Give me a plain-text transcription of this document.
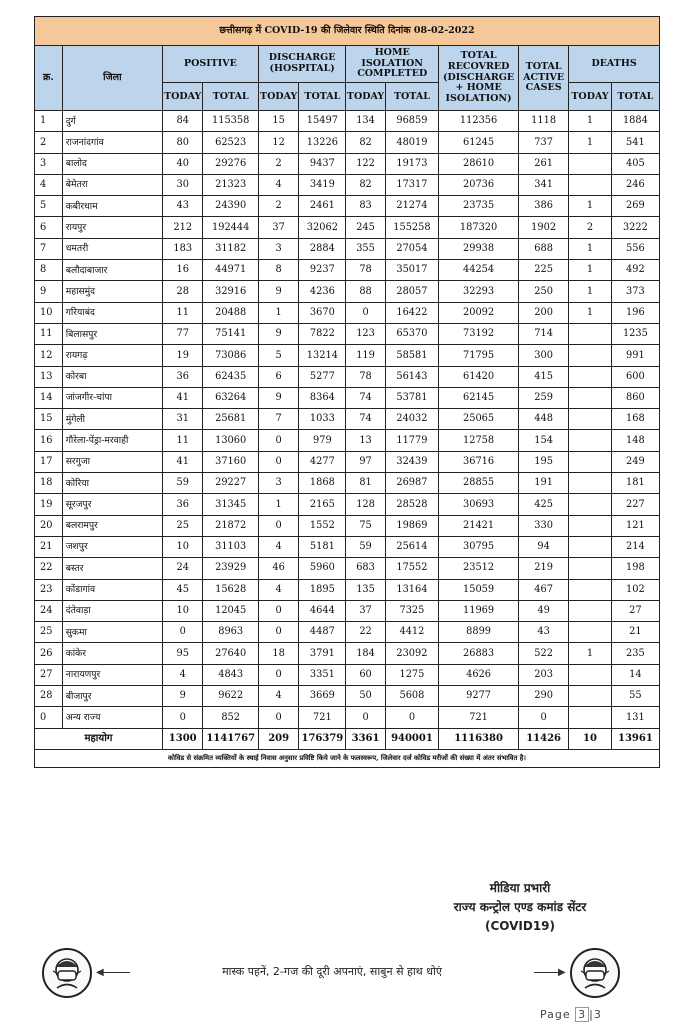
छत्तीसगढ़ में COVID-19 की जिलेवार स्थिति दिनांक 08-02-2022											
क्र.	जिला	POSITIVE		DISCHARGE (HOSPITAL)		HOME ISOLATION COMPLETED		TOTAL RECOVRED (DISCHARGE + HOME ISOLATION)	TOTAL ACTIVE CASES	DEATHS	
		TODAY	TOTAL	TODAY	TOTAL	TODAY	TOTAL			TODAY	TOTAL
1	दुर्ग	84	115358	15	15497	134	96859	112356	1118	1	1884
2	राजनांदगांव	80	62523	12	13226	82	48019	61245	737	1	541
3	बालोद	40	29276	2	9437	122	19173	28610	261		405
4	बेमेतरा	30	21323	4	3419	82	17317	20736	341		246
5	कबीरधाम	43	24390	2	2461	83	21274	23735	386	1	269
6	रायपुर	212	192444	37	32062	245	155258	187320	1902	2	3222
7	धमतरी	183	31182	3	2884	355	27054	29938	688	1	556
8	बलौदाबाजार	16	44971	8	9237	78	35017	44254	225	1	492
9	महासमुंद	28	32916	9	4236	88	28057	32293	250	1	373
10	गरियाबंद	11	20488	1	3670	0	16422	20092	200	1	196
11	बिलासपुर	77	75141	9	7822	123	65370	73192	714		1235
12	रायगढ़	19	73086	5	13214	119	58581	71795	300		991
13	कोरबा	36	62435	6	5277	78	56143	61420	415		600
14	जांजगीर-चांपा	41	63264	9	8364	74	53781	62145	259		860
15	मुंगेली	31	25681	7	1033	74	24032	25065	448		168
16	गौरेला-पेंड्रा-मरवाही	11	13060	0	979	13	11779	12758	154		148
17	सरगुजा	41	37160	0	4277	97	32439	36716	195		249
18	कोरिया	59	29227	3	1868	81	26987	28855	191		181
19	सूरजपुर	36	31345	1	2165	128	28528	30693	425		227
20	बलरामपुर	25	21872	0	1552	75	19869	21421	330		121
21	जशपुर	10	31103	4	5181	59	25614	30795	94		214
22	बस्तर	24	23929	46	5960	683	17552	23512	219		198
23	कोंडागांव	45	15628	4	1895	135	13164	15059	467		102
24	दंतेवाड़ा	10	12045	0	4644	37	7325	11969	49		27
25	सुकमा	0	8963	0	4487	22	4412	8899	43		21
26	कांकेर	95	27640	18	3791	184	23092	26883	522	1	235
27	नारायणपुर	4	4843	0	3351	60	1275	4626	203		14
28	बीजापुर	9	9622	4	3669	50	5608	9277	290		55
0	अन्य राज्य	0	852	0	721	0	0	721	0		131
महायोग		1300	1141767	209	176379	3361	940001	1116380	11426	10	13961
कोविड से संक्रमित व्यक्तियों के स्थाई निवास अनुसार प्रविष्टि किये जाने के फलस्वरूप, जिलेवार दर्ज कोविड मरीजों की संख्या में अंतर संभावित है।											
मीडिया प्रभारी
राज्य कन्ट्रोल एण्ड कमांड सेंटर
(COVID19)
◀	मास्क पहनें, 2-गज की दूरी अपनाएं, साबुन से हाथ धोएं	▶
Page 3 |3
